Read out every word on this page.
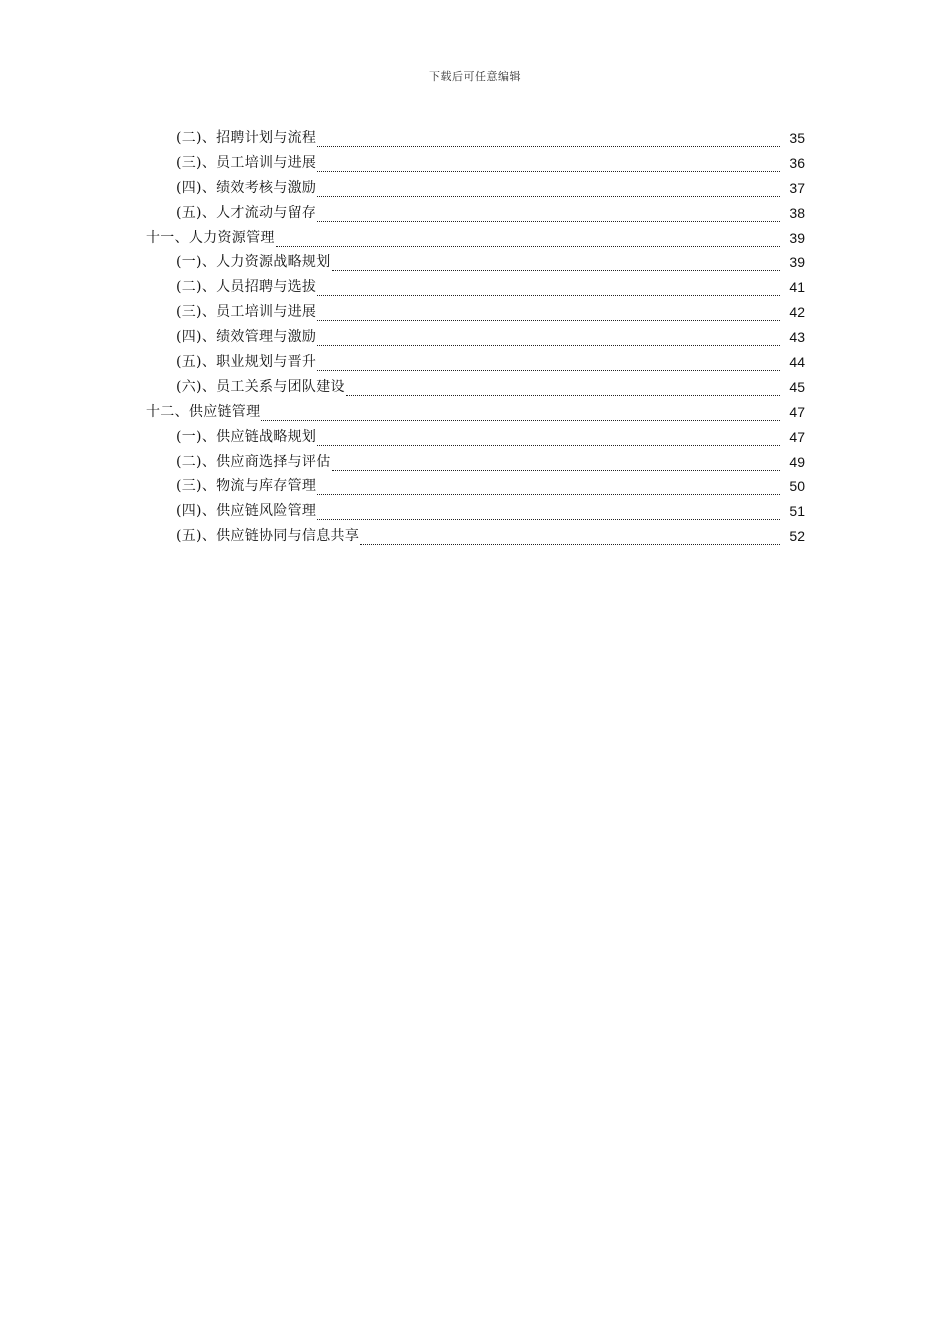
下载后可任意编辑
(二)、招聘计划与流程	35
(三)、员工培训与进展	36
(四)、绩效考核与激励	37
(五)、人才流动与留存	38
十一、人力资源管理	39
(一)、人力资源战略规划	39
(二)、人员招聘与选拔	41
(三)、员工培训与进展	42
(四)、绩效管理与激励	43
(五)、职业规划与晋升	44
(六)、员工关系与团队建设	45
十二、供应链管理	47
(一)、供应链战略规划	47
(二)、供应商选择与评估	49
(三)、物流与库存管理	50
(四)、供应链风险管理	51
(五)、供应链协同与信息共享	52
